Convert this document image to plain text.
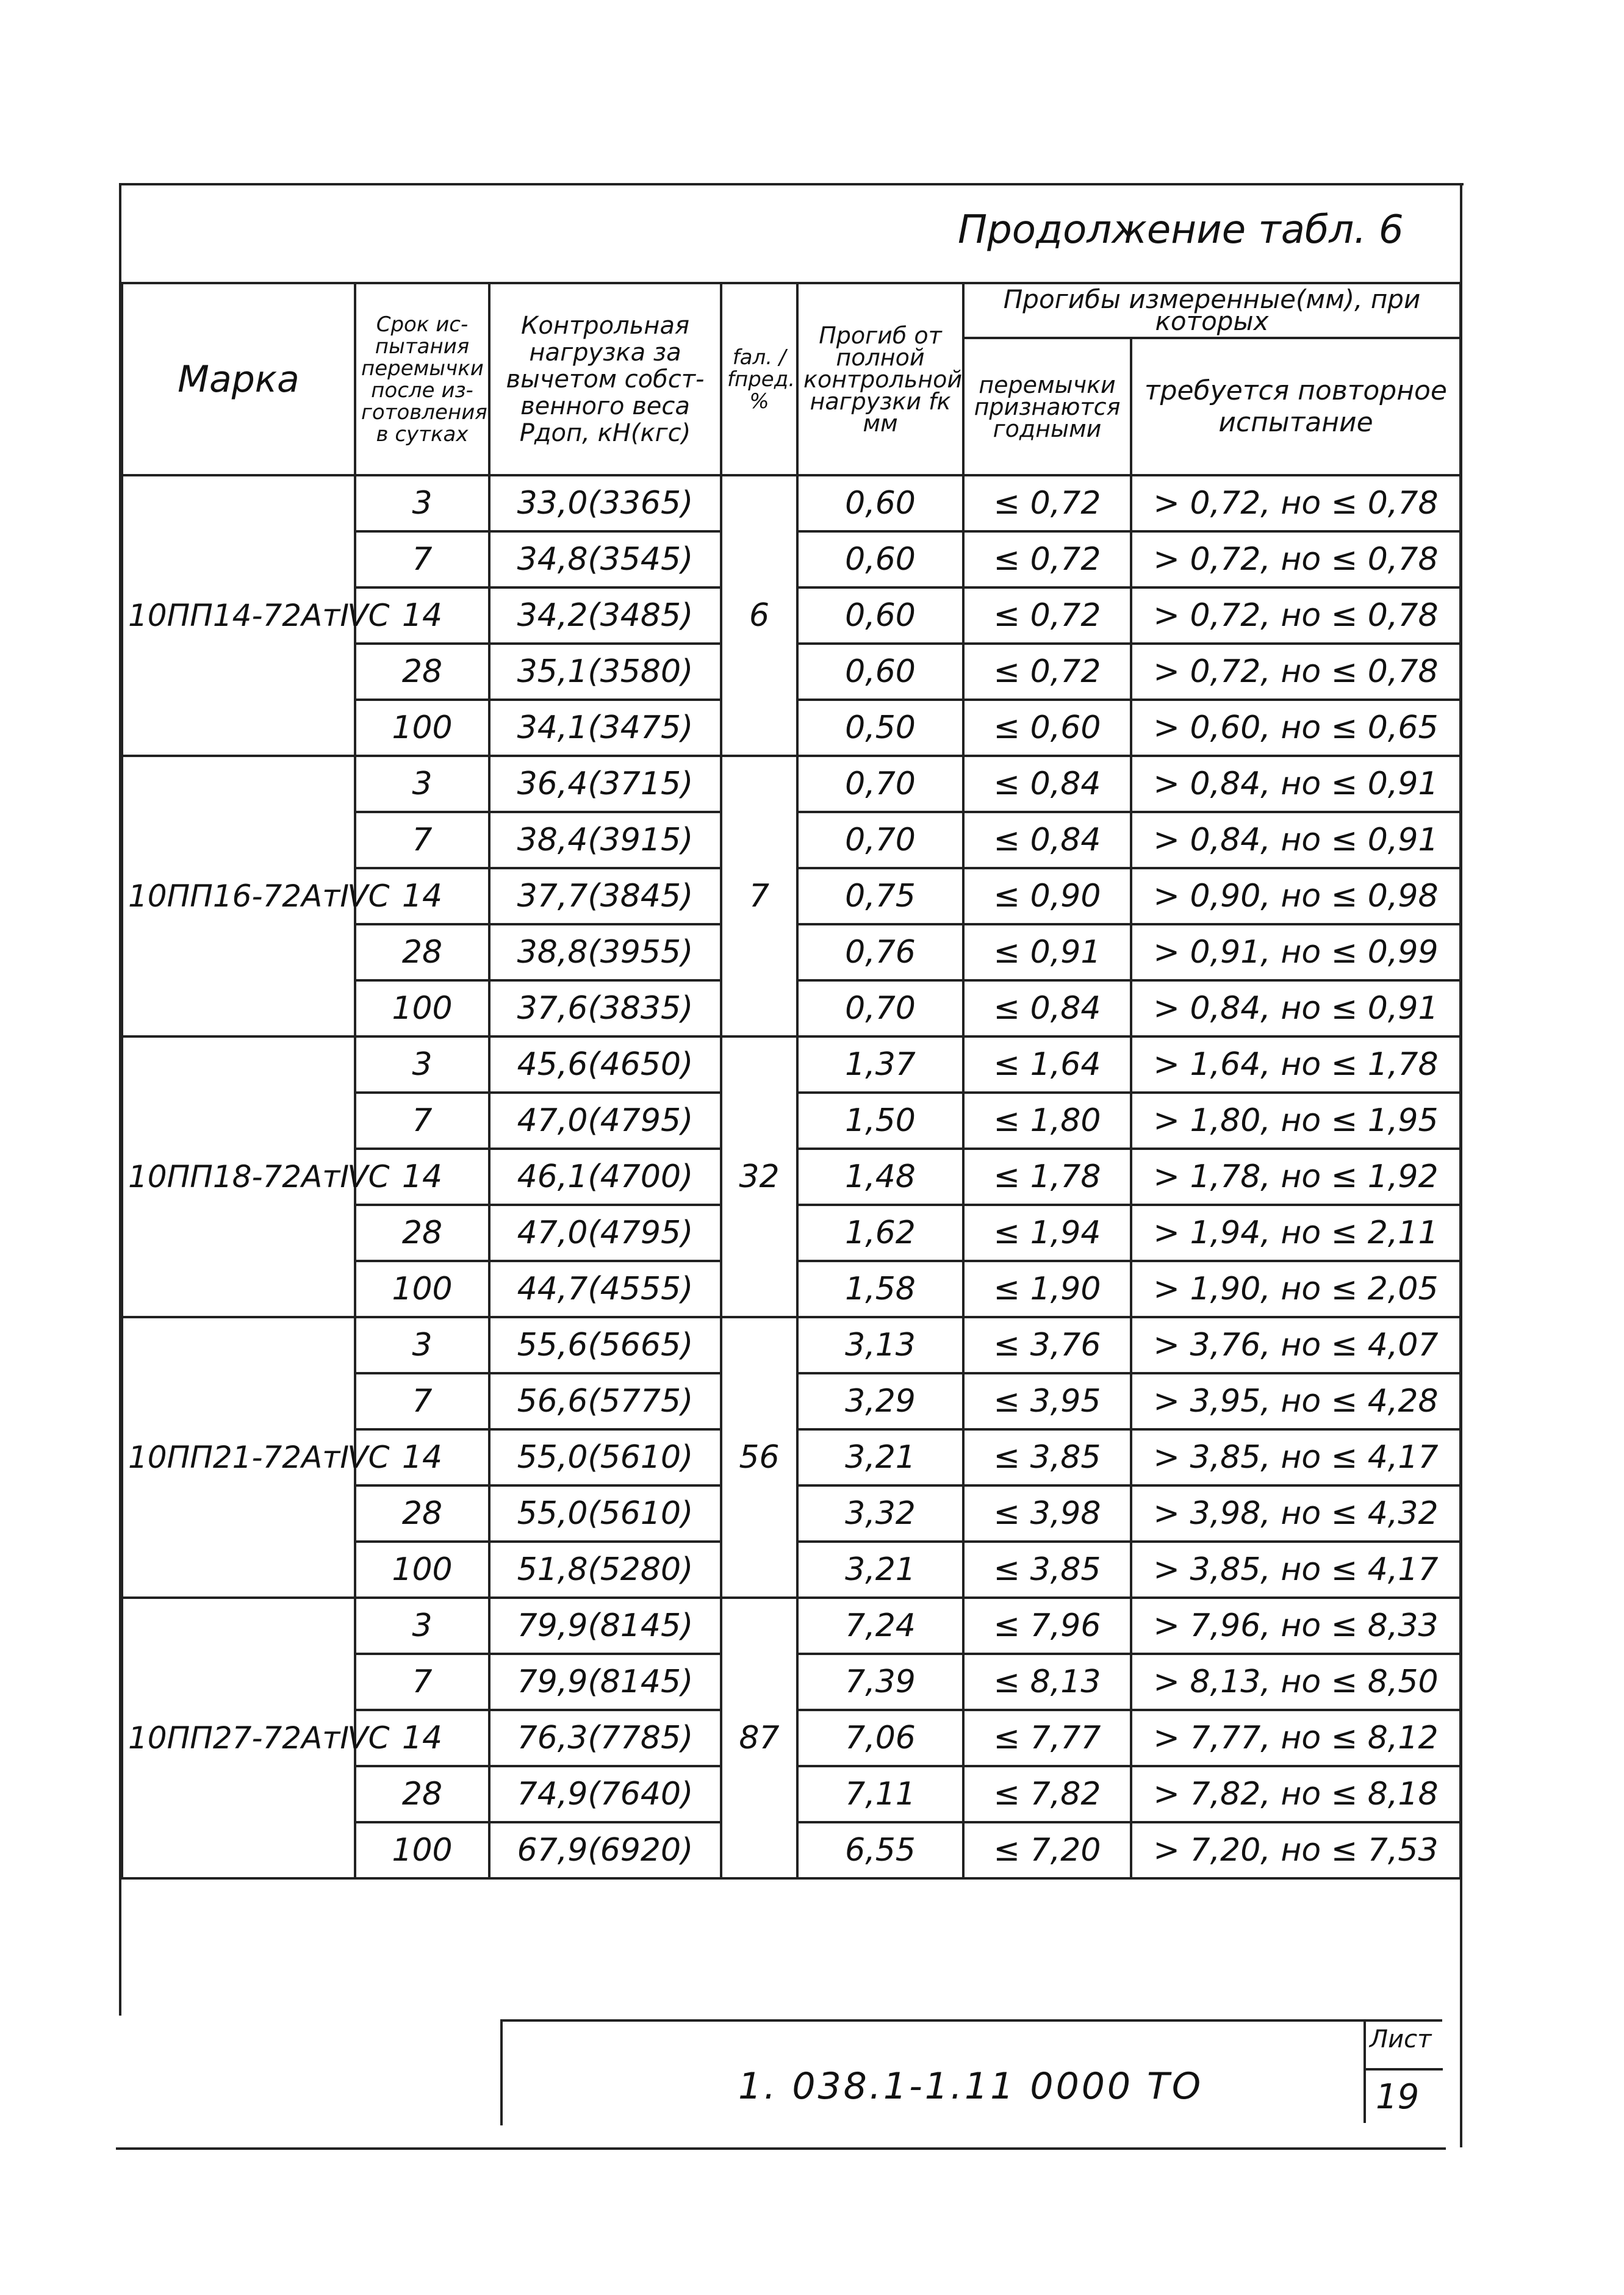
Продолжение табл. 6
Марка	Срок ис-пытания перемычки после из-готовления в сутках	Контрольная нагрузка за вычетом собст-венного веса Рдоп, кН(кгс)	fал. / fпред. %	Прогиб от полной контрольной нагрузки fк мм	Прогибы измеренные(мм), при которых	
					перемычки признаются годными	требуется повторное испытание
10ПП14-72АтⅣС	3	33,0(3365)	6	0,60	≤ 0,72	> 0,72, но ≤ 0,78
	7	34,8(3545)		0,60	≤ 0,72	> 0,72, но ≤ 0,78
	14	34,2(3485)		0,60	≤ 0,72	> 0,72, но ≤ 0,78
	28	35,1(3580)		0,60	≤ 0,72	> 0,72, но ≤ 0,78
	100	34,1(3475)		0,50	≤ 0,60	> 0,60, но ≤ 0,65
10ПП16-72АтⅣС	3	36,4(3715)	7	0,70	≤ 0,84	> 0,84, но ≤ 0,91
	7	38,4(3915)		0,70	≤ 0,84	> 0,84, но ≤ 0,91
	14	37,7(3845)		0,75	≤ 0,90	> 0,90, но ≤ 0,98
	28	38,8(3955)		0,76	≤ 0,91	> 0,91, но ≤ 0,99
	100	37,6(3835)		0,70	≤ 0,84	> 0,84, но ≤ 0,91
10ПП18-72АтⅣС	3	45,6(4650)	32	1,37	≤ 1,64	> 1,64, но ≤ 1,78
	7	47,0(4795)		1,50	≤ 1,80	> 1,80, но ≤ 1,95
	14	46,1(4700)		1,48	≤ 1,78	> 1,78, но ≤ 1,92
	28	47,0(4795)		1,62	≤ 1,94	> 1,94, но ≤ 2,11
	100	44,7(4555)		1,58	≤ 1,90	> 1,90, но ≤ 2,05
10ПП21-72АтⅣС	3	55,6(5665)	56	3,13	≤ 3,76	> 3,76, но ≤ 4,07
	7	56,6(5775)		3,29	≤ 3,95	> 3,95, но ≤ 4,28
	14	55,0(5610)		3,21	≤ 3,85	> 3,85, но ≤ 4,17
	28	55,0(5610)		3,32	≤ 3,98	> 3,98, но ≤ 4,32
	100	51,8(5280)		3,21	≤ 3,85	> 3,85, но ≤ 4,17
10ПП27-72АтⅣС	3	79,9(8145)	87	7,24	≤ 7,96	> 7,96, но ≤ 8,33
	7	79,9(8145)		7,39	≤ 8,13	> 8,13, но ≤ 8,50
	14	76,3(7785)		7,06	≤ 7,77	> 7,77, но ≤ 8,12
	28	74,9(7640)		7,11	≤ 7,82	> 7,82, но ≤ 8,18
	100	67,9(6920)		6,55	≤ 7,20	> 7,20, но ≤ 7,53
1. 038.1-1.11 0000 ТО
Лист
19
